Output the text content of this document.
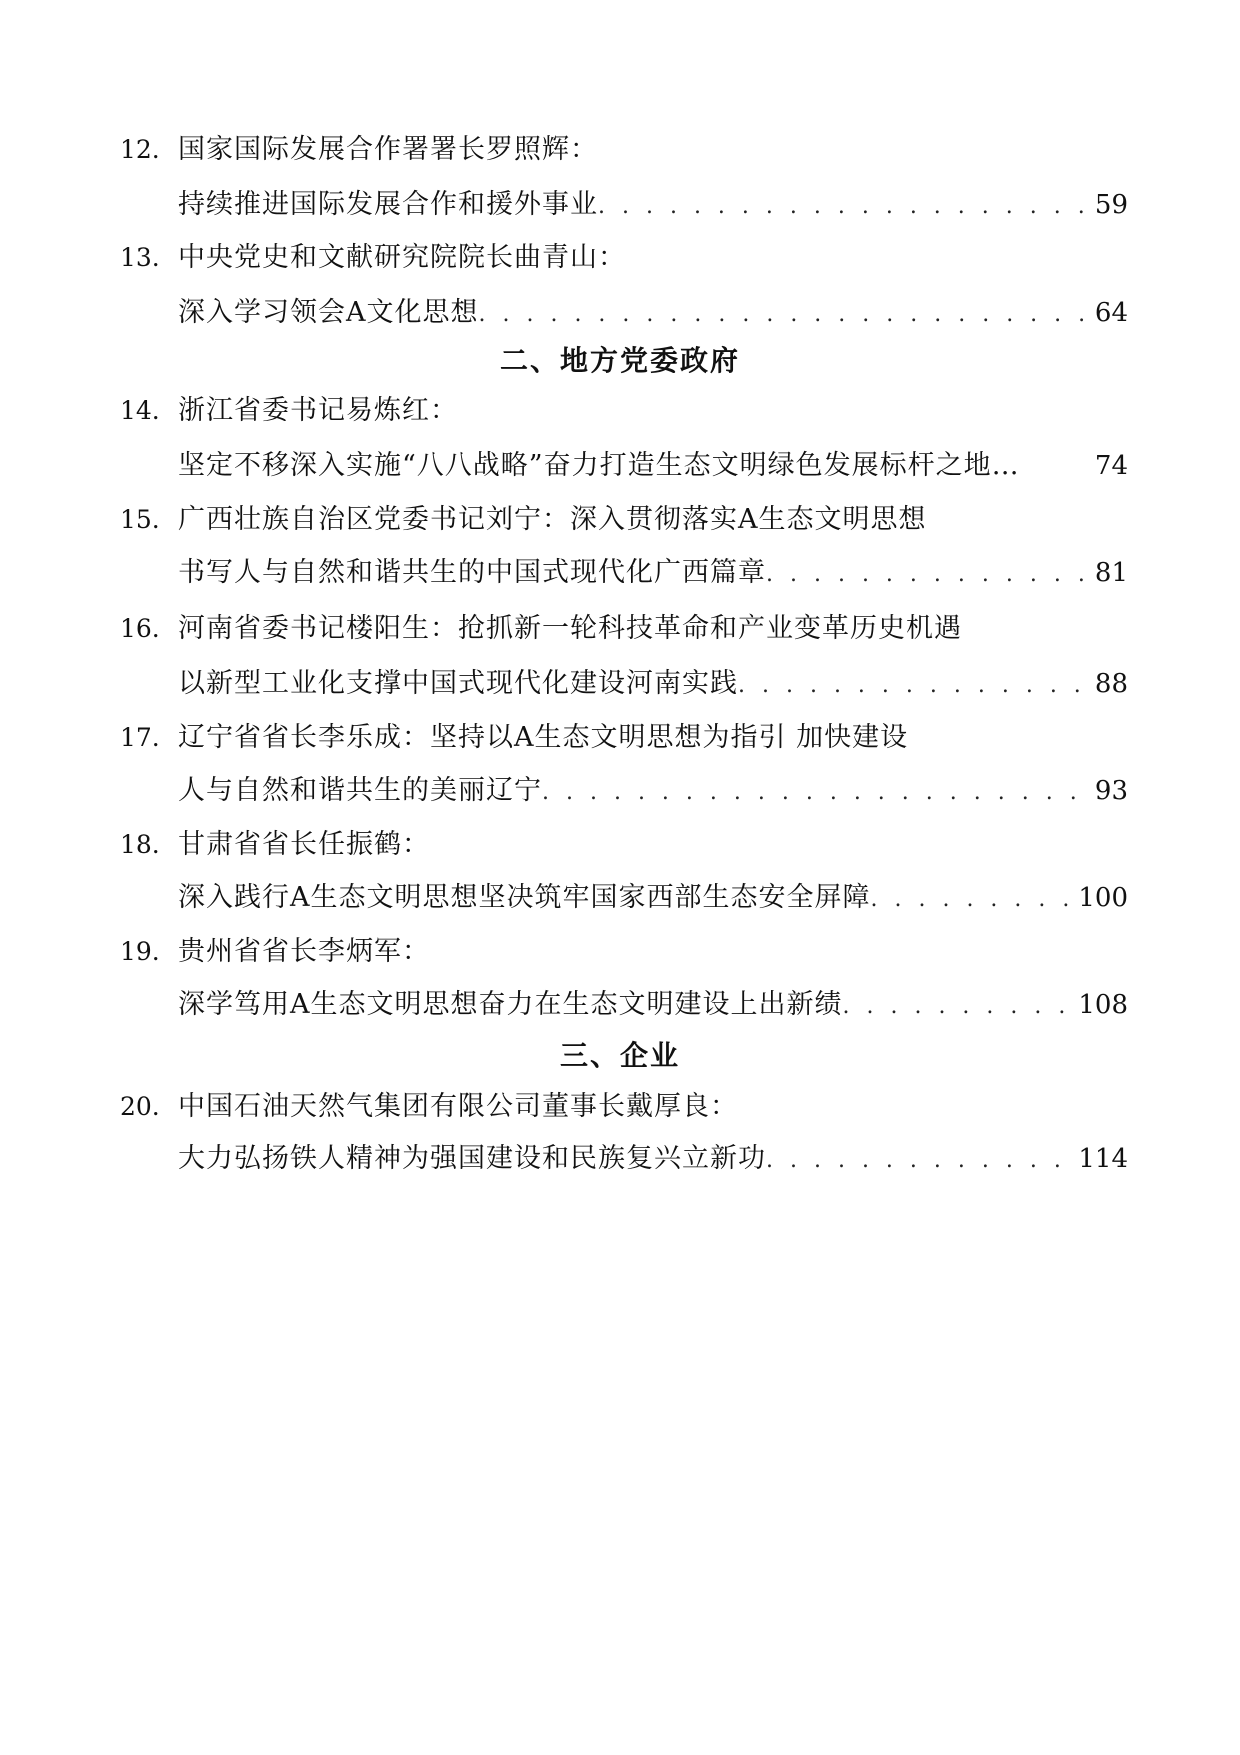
12. 国家国际发展合作署署长罗照辉：
持续推进国际发展合作和援外事业 . . .	59
13. 中央党史和文献研究院院长曲青山：
深入学习领会A文化思想 . . .	64
二、地方党委政府
14. 浙江省委书记易炼红：
坚定不移深入实施“八八战略”奋力打造生态文明绿色发展标杆之地…	74
15. 广西壮族自治区党委书记刘宁：深入贯彻落实A生态文明思想
书写人与自然和谐共生的中国式现代化广西篇章 . . .	81
16. 河南省委书记楼阳生：抢抓新一轮科技革命和产业变革历史机遇
以新型工业化支撑中国式现代化建设河南实践 . . .	88
17. 辽宁省省长李乐成：坚持以A生态文明思想为指引 加快建设
人与自然和谐共生的美丽辽宁 . . .	93
18. 甘肃省省长任振鹤：
深入践行A生态文明思想坚决筑牢国家西部生态安全屏障 . . .	100
19. 贵州省省长李炳军：
深学笃用A生态文明思想奋力在生态文明建设上出新绩 . . .	108
三、企业
20. 中国石油天然气集团有限公司董事长戴厚良：
大力弘扬铁人精神为强国建设和民族复兴立新功 . . .	114
